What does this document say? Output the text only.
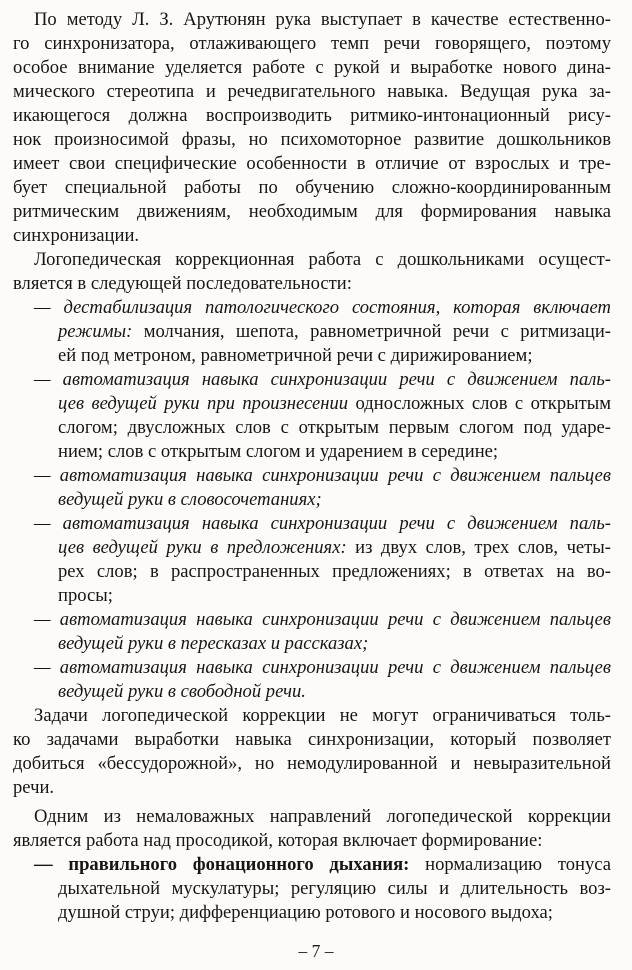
По методу Л. З. Арутюнян рука выступает в качестве естественно-
го синхронизатора, отлаживающего темп речи говорящего, поэтому
особое внимание уделяется работе с рукой и выработке нового дина-
мического стереотипа и речедвигательного навыка. Ведущая рука за-
икающегося должна воспроизводить ритмико-интонационный рису-
нок произносимой фразы, но психомоторное развитие дошкольников
имеет свои специфические особенности в отличие от взрослых и тре-
бует специальной работы по обучению сложно-координированным
ритмическим движениям, необходимым для формирования навыка
синхронизации.
Логопедическая коррекционная работа с дошкольниками осущест-
вляется в следующей последовательности:
— дестабилизация патологического состояния, которая включает
режимы: молчания, шепота, равнометричной речи с ритмизаци-
ей под метроном, равнометричной речи с дирижированием;
— автоматизация навыка синхронизации речи с движением паль-
цев ведущей руки при произнесении односложных слов с открытым
слогом; двусложных слов с открытым первым слогом под ударе-
нием; слов с открытым слогом и ударением в середине;
— автоматизация навыка синхронизации речи с движением пальцев
ведущей руки в словосочетаниях;
— автоматизация навыка синхронизации речи с движением паль-
цев ведущей руки в предложениях: из двух слов, трех слов, четы-
рех слов; в распространенных предложениях; в ответах на во-
просы;
— автоматизация навыка синхронизации речи с движением пальцев
ведущей руки в пересказах и рассказах;
— автоматизация навыка синхронизации речи с движением пальцев
ведущей руки в свободной речи.
Задачи логопедической коррекции не могут ограничиваться толь-
ко задачами выработки навыка синхронизации, который позволяет
добиться «бессудорожной», но немодулированной и невыразительной
речи.
Одним из немаловажных направлений логопедической коррекции
является работа над просодикой, которая включает формирование:
— правильного фонационного дыхания: нормализацию тонуса
дыхательной мускулатуры; регуляцию силы и длительность воз-
душной струи; дифференциацию ротового и носового выдоха;
– 7 –
